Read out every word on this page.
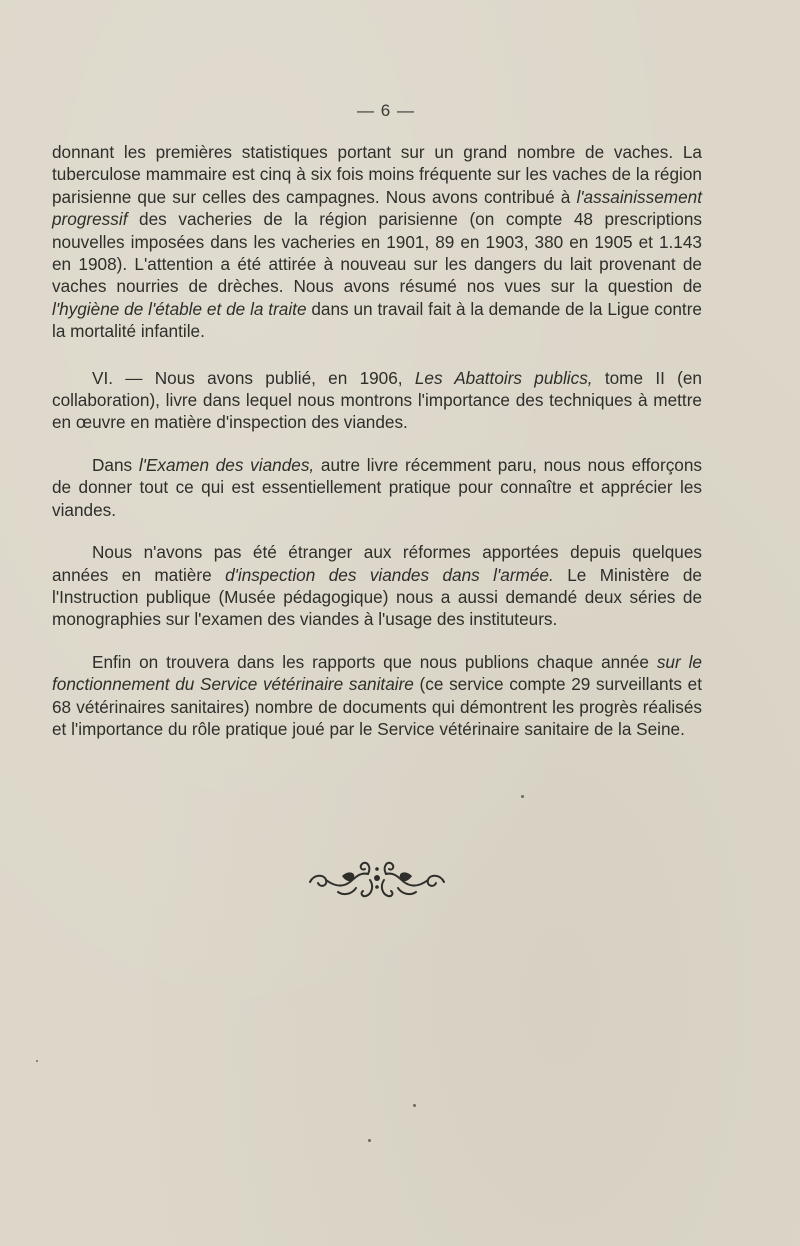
— 6 —

donnant les premières statistiques portant sur un grand nombre de vaches. La tuberculose mammaire est cinq à six fois moins fréquente sur les vaches de la région parisienne que sur celles des campagnes. Nous avons contribué à l'assainissement progressif des vacheries de la région parisienne (on compte 48 prescriptions nouvelles imposées dans les vacheries en 1901, 89 en 1903, 380 en 1905 et 1.143 en 1908). L'attention a été attirée à nouveau sur les dangers du lait provenant de vaches nourries de drèches. Nous avons résumé nos vues sur la question de l'hygiène de l'étable et de la traite dans un travail fait à la demande de la Ligue contre la mortalité infantile.

VI. — Nous avons publié, en 1906, Les Abattoirs publics, tome II (en collaboration), livre dans lequel nous montrons l'importance des techniques à mettre en œuvre en matière d'inspection des viandes.

Dans l'Examen des viandes, autre livre récemment paru, nous nous efforçons de donner tout ce qui est essentiellement pratique pour connaître et apprécier les viandes.

Nous n'avons pas été étranger aux réformes apportées depuis quelques années en matière d'inspection des viandes dans l'armée. Le Ministère de l'Instruction publique (Musée pédagogique) nous a aussi demandé deux séries de monographies sur l'examen des viandes à l'usage des instituteurs.

Enfin on trouvera dans les rapports que nous publions chaque année sur le fonctionnement du Service vétérinaire sanitaire (ce service compte 29 surveillants et 68 vétérinaires sanitaires) nombre de documents qui démontrent les progrès réalisés et l'importance du rôle pratique joué par le Service vétérinaire sanitaire de la Seine.
